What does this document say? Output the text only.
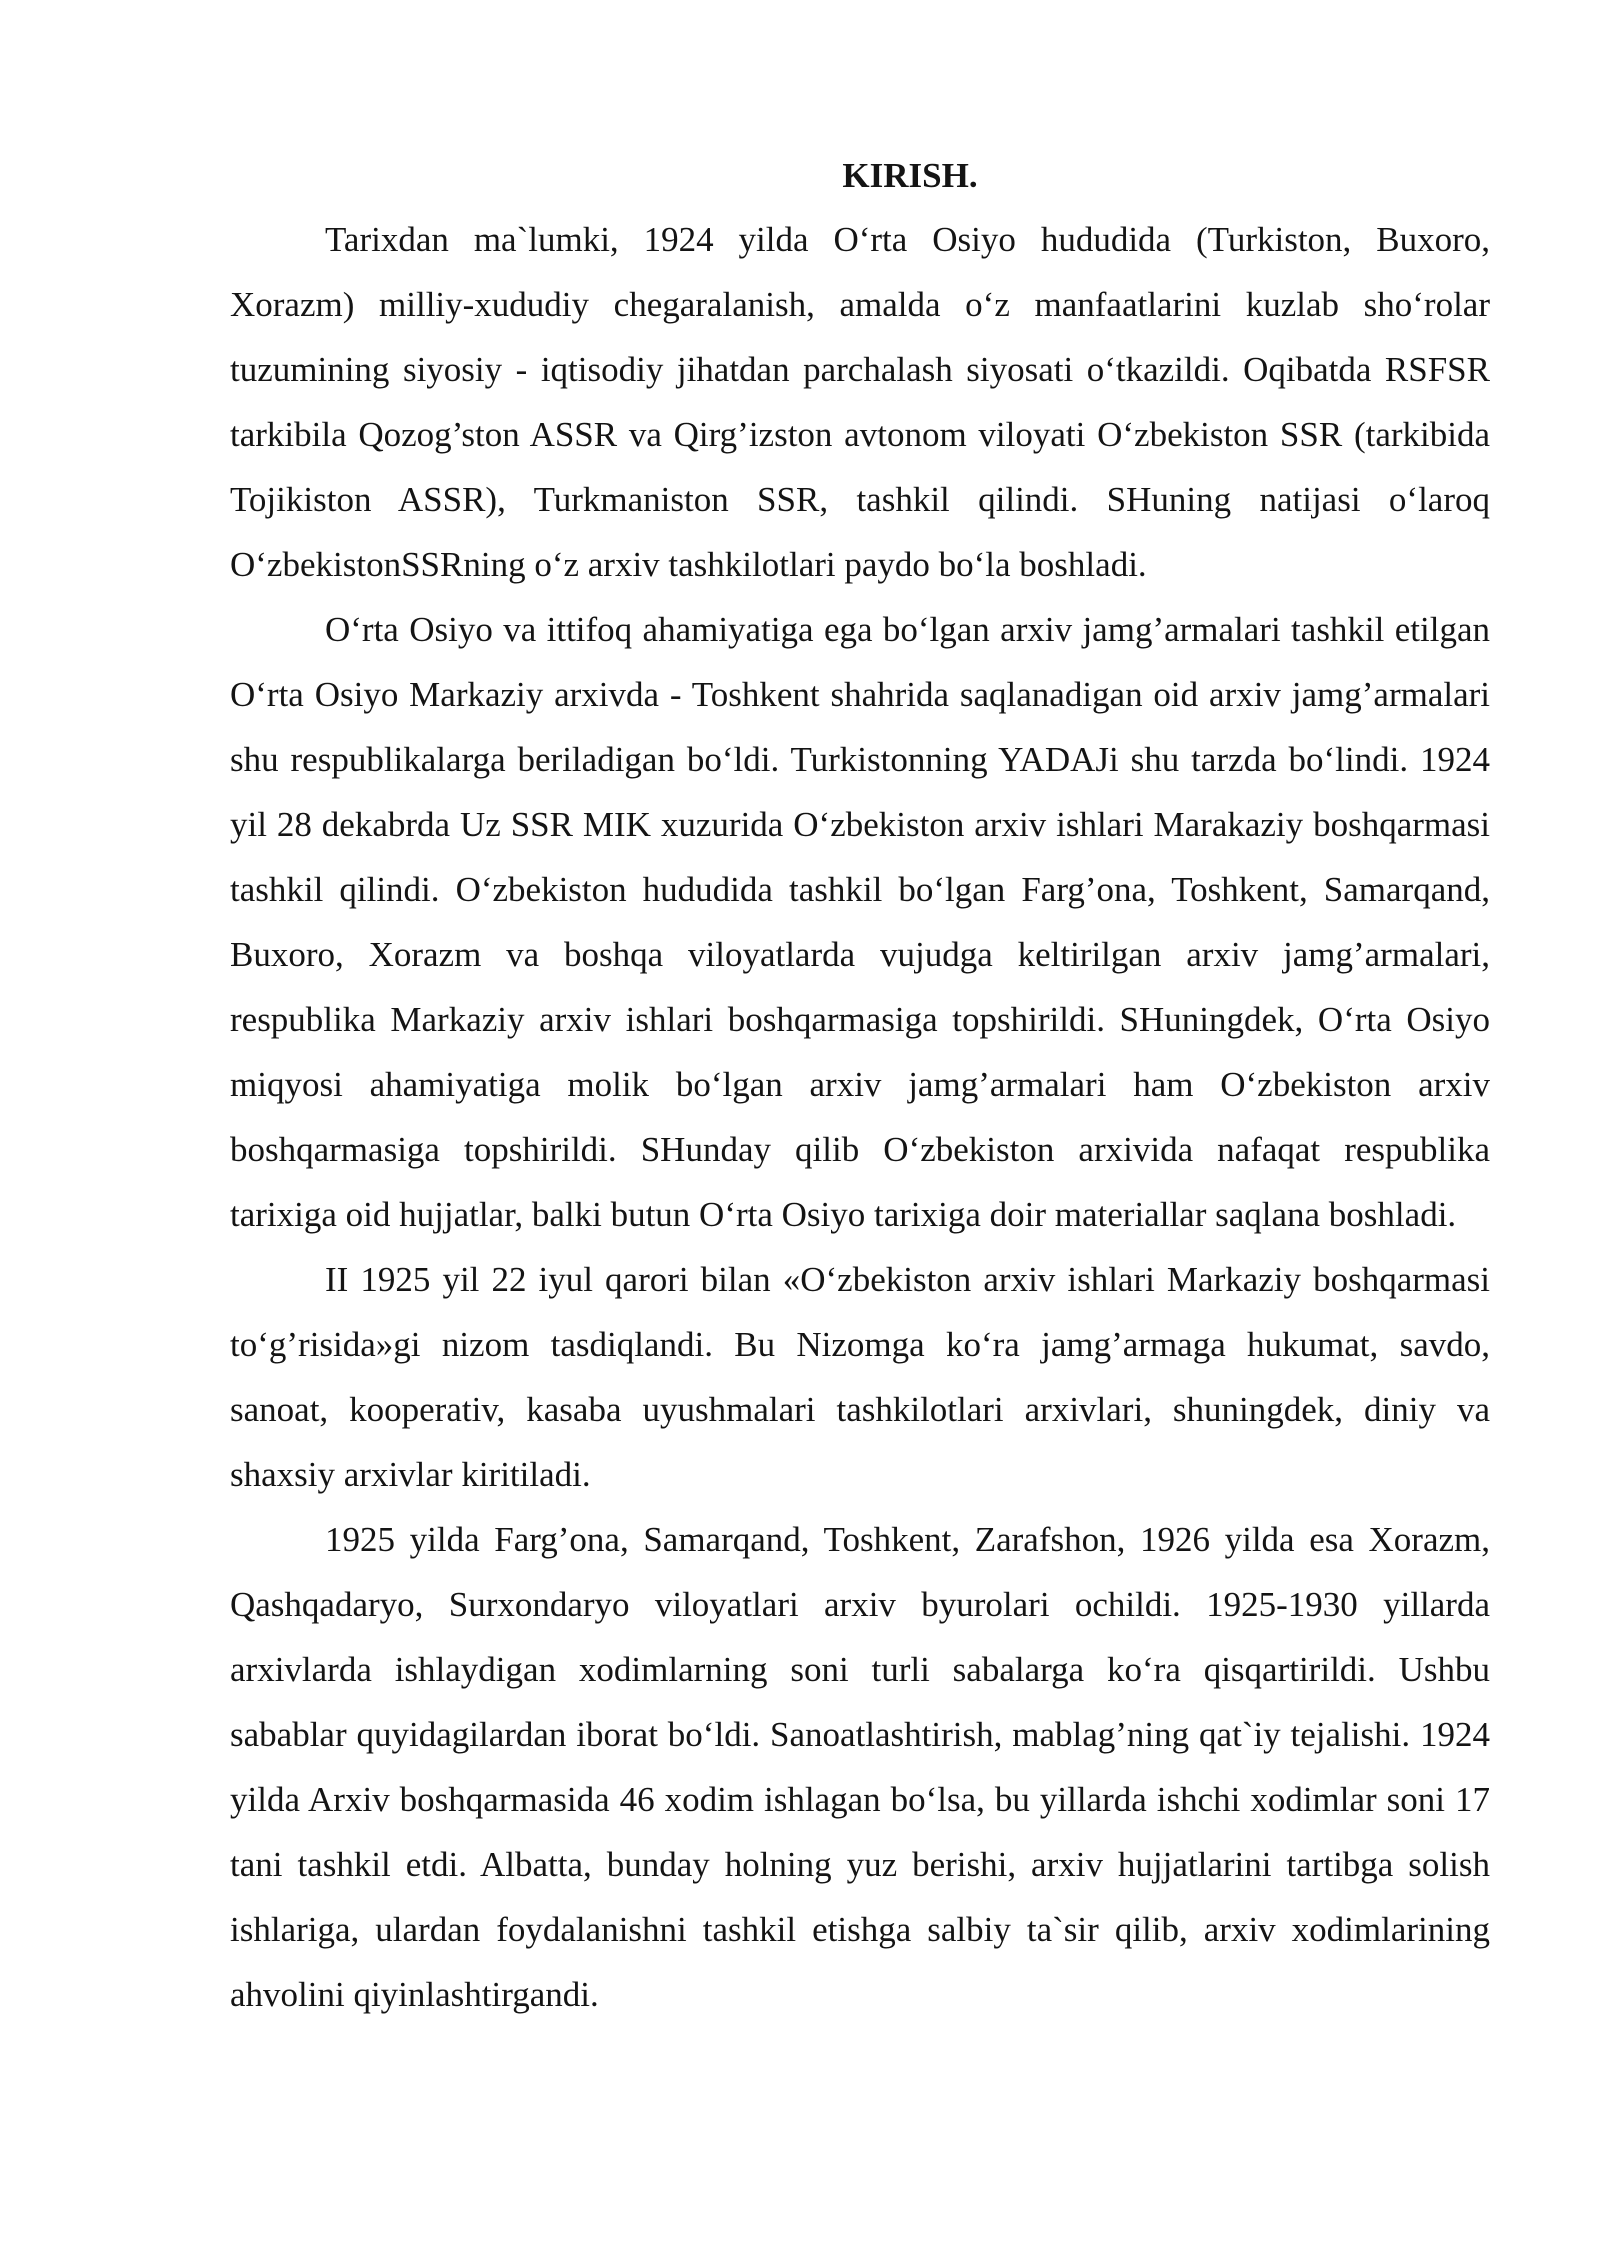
KIRISH.

Tarixdan ma`lumki, 1924 yilda O‘rta Osiyo hududida (Turkiston, Buxoro, Xorazm) milliy-xududiy chegaralanish, amalda o‘z manfaatlarini kuzlab sho‘rolar tuzumining siyosiy - iqtisodiy jihatdan parchalash siyosati o‘tkazildi. Oqibatda RSFSR tarkibila Qozog’ston ASSR va Qirg’izston avtonom viloyati O‘zbekiston SSR (tarkibida Tojikiston ASSR), Turkmaniston SSR, tashkil qilindi. SHuning natijasi o‘laroq O‘zbekistonSSRning o‘z arxiv tashkilotlari paydo bo‘la boshladi.

O‘rta Osiyo va ittifoq ahamiyatiga ega bo‘lgan arxiv jamg’armalari tashkil etilgan O‘rta Osiyo Markaziy arxivda - Toshkent shahrida saqlanadigan oid arxiv jamg’armalari shu respublikalarga beriladigan bo‘ldi. Turkistonning YADAJi shu tarzda bo‘lindi. 1924 yil 28 dekabrda Uz SSR MIK xuzurida O‘zbekiston arxiv ishlari Marakaziy boshqarmasi tashkil qilindi. O‘zbekiston hududida tashkil bo‘lgan Farg’ona, Toshkent, Samarqand, Buxoro, Xorazm va boshqa viloyatlarda vujudga keltirilgan arxiv jamg’armalari, respublika Markaziy arxiv ishlari boshqarmasiga topshirildi. SHuningdek, O‘rta Osiyo miqyosi ahamiyatiga molik bo‘lgan arxiv jamg’armalari ham O‘zbekiston arxiv boshqarmasiga topshirildi. SHunday qilib O‘zbekiston arxivida nafaqat respublika tarixiga oid hujjatlar, balki butun O‘rta Osiyo tarixiga doir materiallar saqlana boshladi.

II 1925 yil 22 iyul qarori bilan «O‘zbekiston arxiv ishlari Markaziy boshqarmasi to‘g’risida»gi nizom tasdiqlandi. Bu Nizomga ko‘ra jamg’armaga hukumat, savdo, sanoat, kooperativ, kasaba uyushmalari tashkilotlari arxivlari, shuningdek, diniy va shaxsiy arxivlar kiritiladi.

1925 yilda Farg’ona, Samarqand, Toshkent, Zarafshon, 1926 yilda esa Xorazm, Qashqadaryo, Surxondaryo viloyatlari arxiv byurolari ochildi. 1925-1930 yillarda arxivlarda ishlaydigan xodimlarning soni turli sabalarga ko‘ra qisqartirildi. Ushbu sabablar quyidagilardan iborat bo‘ldi. Sanoatlashtirish, mablag’ning qat`iy tejalishi. 1924 yilda Arxiv boshqarmasida 46 xodim ishlagan bo‘lsa, bu yillarda ishchi xodimlar soni 17 tani tashkil etdi. Albatta, bunday holning yuz berishi, arxiv hujjatlarini tartibga solish ishlariga, ulardan foydalanishni tashkil etishga salbiy ta`sir qilib, arxiv xodimlarining ahvolini qiyinlashtirgandi.
